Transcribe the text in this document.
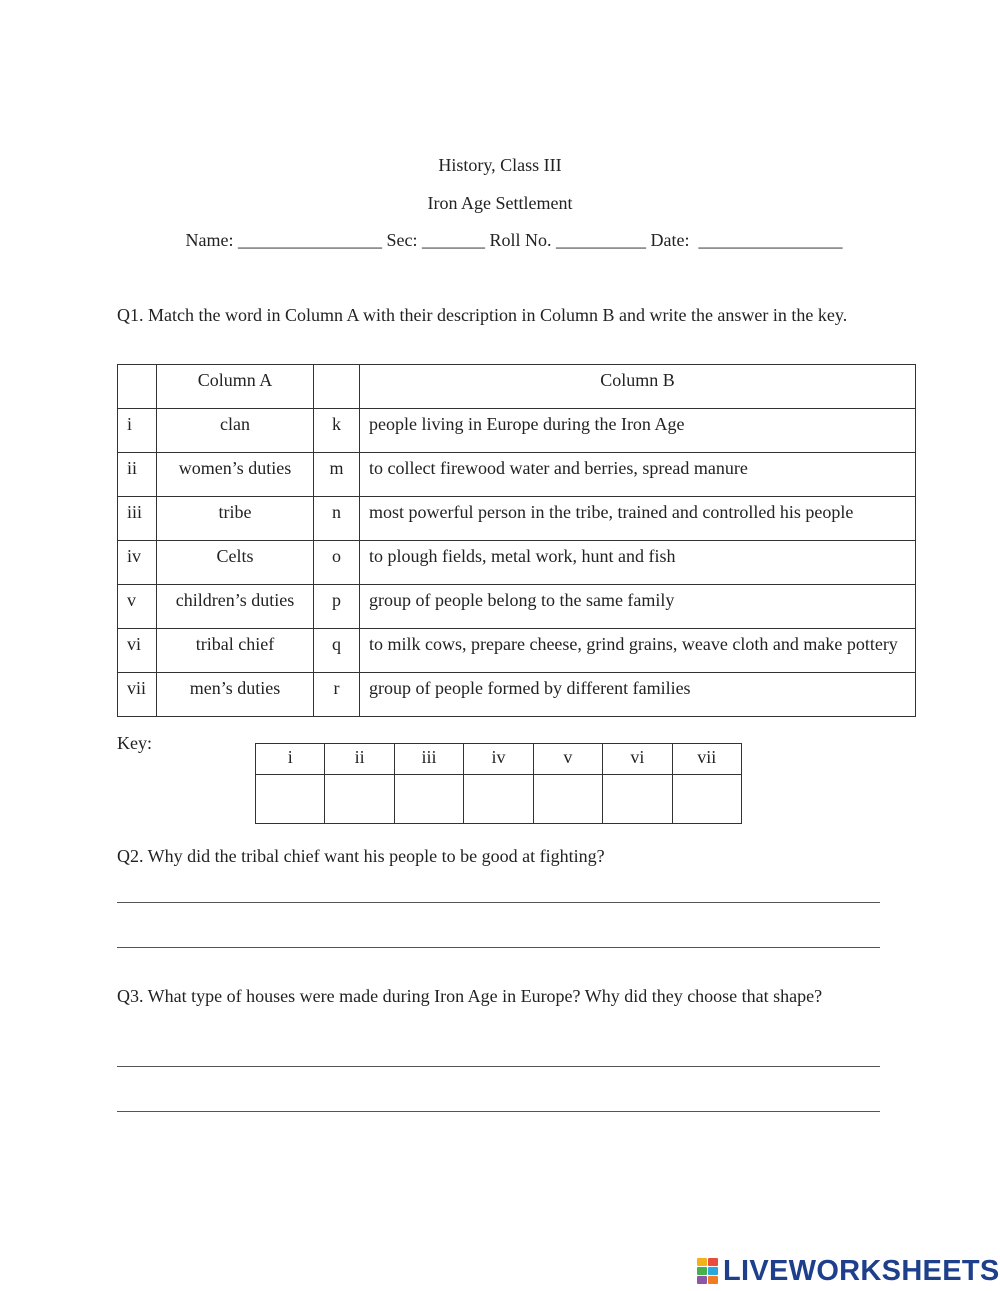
History, Class III
Iron Age Settlement
Name: ________________ Sec: _______ Roll No. __________ Date:  ________________
Q1. Match the word in Column A with their description in Column B and write the answer in the key.
	Column A		Column B
i	clan	k	people living in Europe during the Iron Age
ii	women’s duties	m	to collect firewood water and berries, spread manure
iii	tribe	n	most powerful person in the tribe, trained and controlled his people
iv	Celts	o	to plough fields, metal work, hunt and fish
v	children’s duties	p	group of people belong to the same family
vi	tribal chief	q	to milk cows, prepare cheese, grind grains, weave cloth and make pottery
vii	men’s duties	r	group of people formed by different families
Key:
i	ii	iii	iv	v	vi	vii

Q2. Why did the tribal chief want his people to be good at fighting?
Q3. What type of houses were made during Iron Age in Europe? Why did they choose that shape?
LIVEWORKSHEETS
